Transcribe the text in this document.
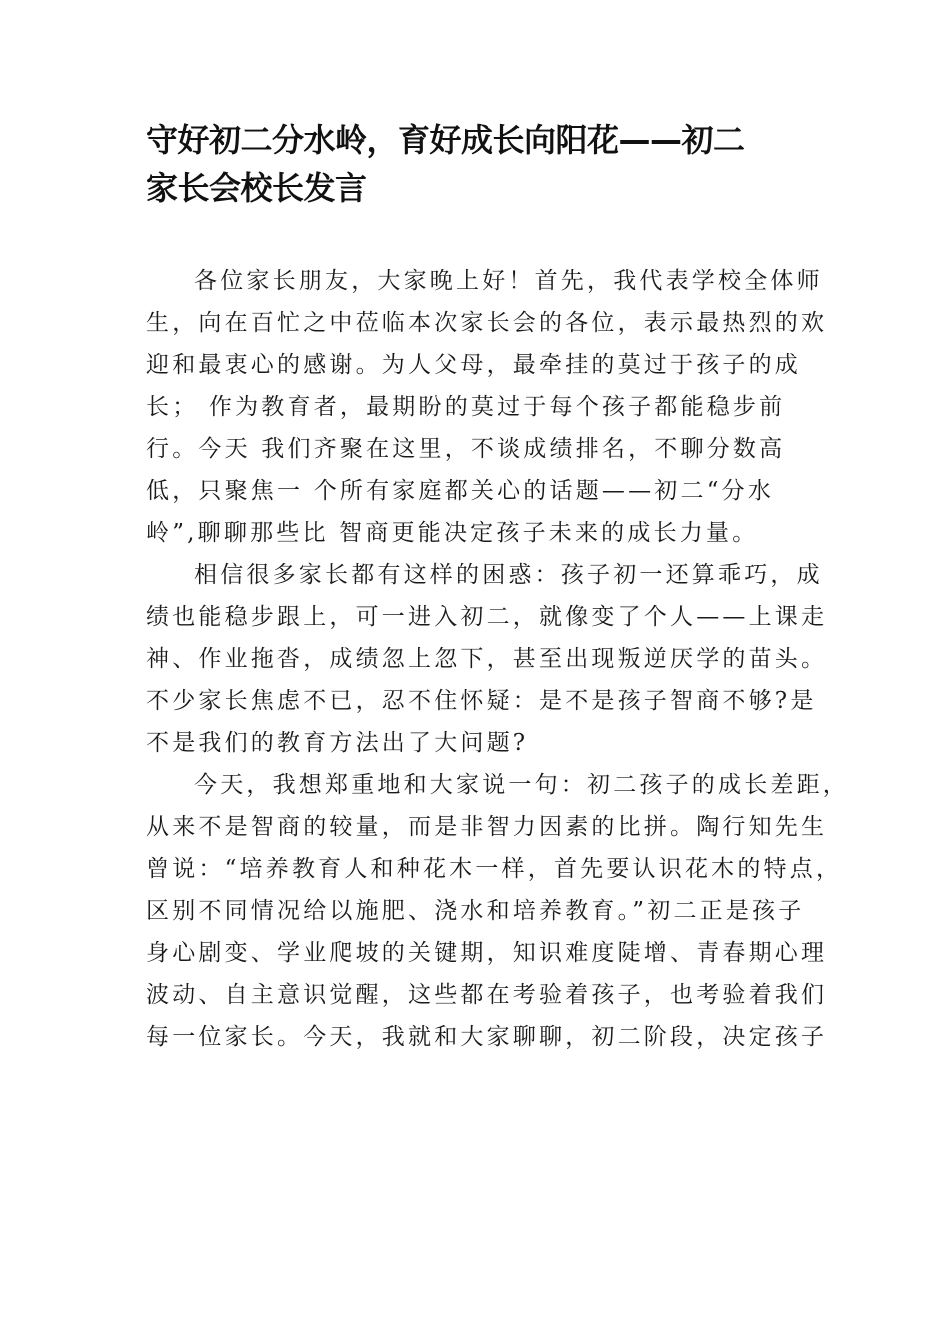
守好初二分水岭，育好成长向阳花——初二
家长会校长发言

各位家长朋友，大家晚上好！首先，我代表学校全体师
生，向在百忙之中莅临本次家长会的各位，表示最热烈的欢
迎和最衷心的感谢。为人父母，最牵挂的莫过于孩子的成
长； 作为教育者，最期盼的莫过于每个孩子都能稳步前
行。今天 我们齐聚在这里，不谈成绩排名，不聊分数高
低，只聚焦一 个所有家庭都关心的话题——初二“分水
岭”,聊聊那些比 智商更能决定孩子未来的成长力量。

相信很多家长都有这样的困惑：孩子初一还算乖巧，成
绩也能稳步跟上，可一进入初二，就像变了个人——上课走
神、作业拖沓，成绩忽上忽下，甚至出现叛逆厌学的苗头。
不少家长焦虑不已，忍不住怀疑：是不是孩子智商不够?是
不是我们的教育方法出了大问题?

今天，我想郑重地和大家说一句：初二孩子的成长差距，
从来不是智商的较量，而是非智力因素的比拼。陶行知先生
曾说：“培养教育人和种花木一样，首先要认识花木的特点，
区别不同情况给以施肥、浇水和培养教育。”初二正是孩子
身心剧变、学业爬坡的关键期，知识难度陡增、青春期心理
波动、自主意识觉醒，这些都在考验着孩子，也考验着我们
每一位家长。今天，我就和大家聊聊，初二阶段，决定孩子
